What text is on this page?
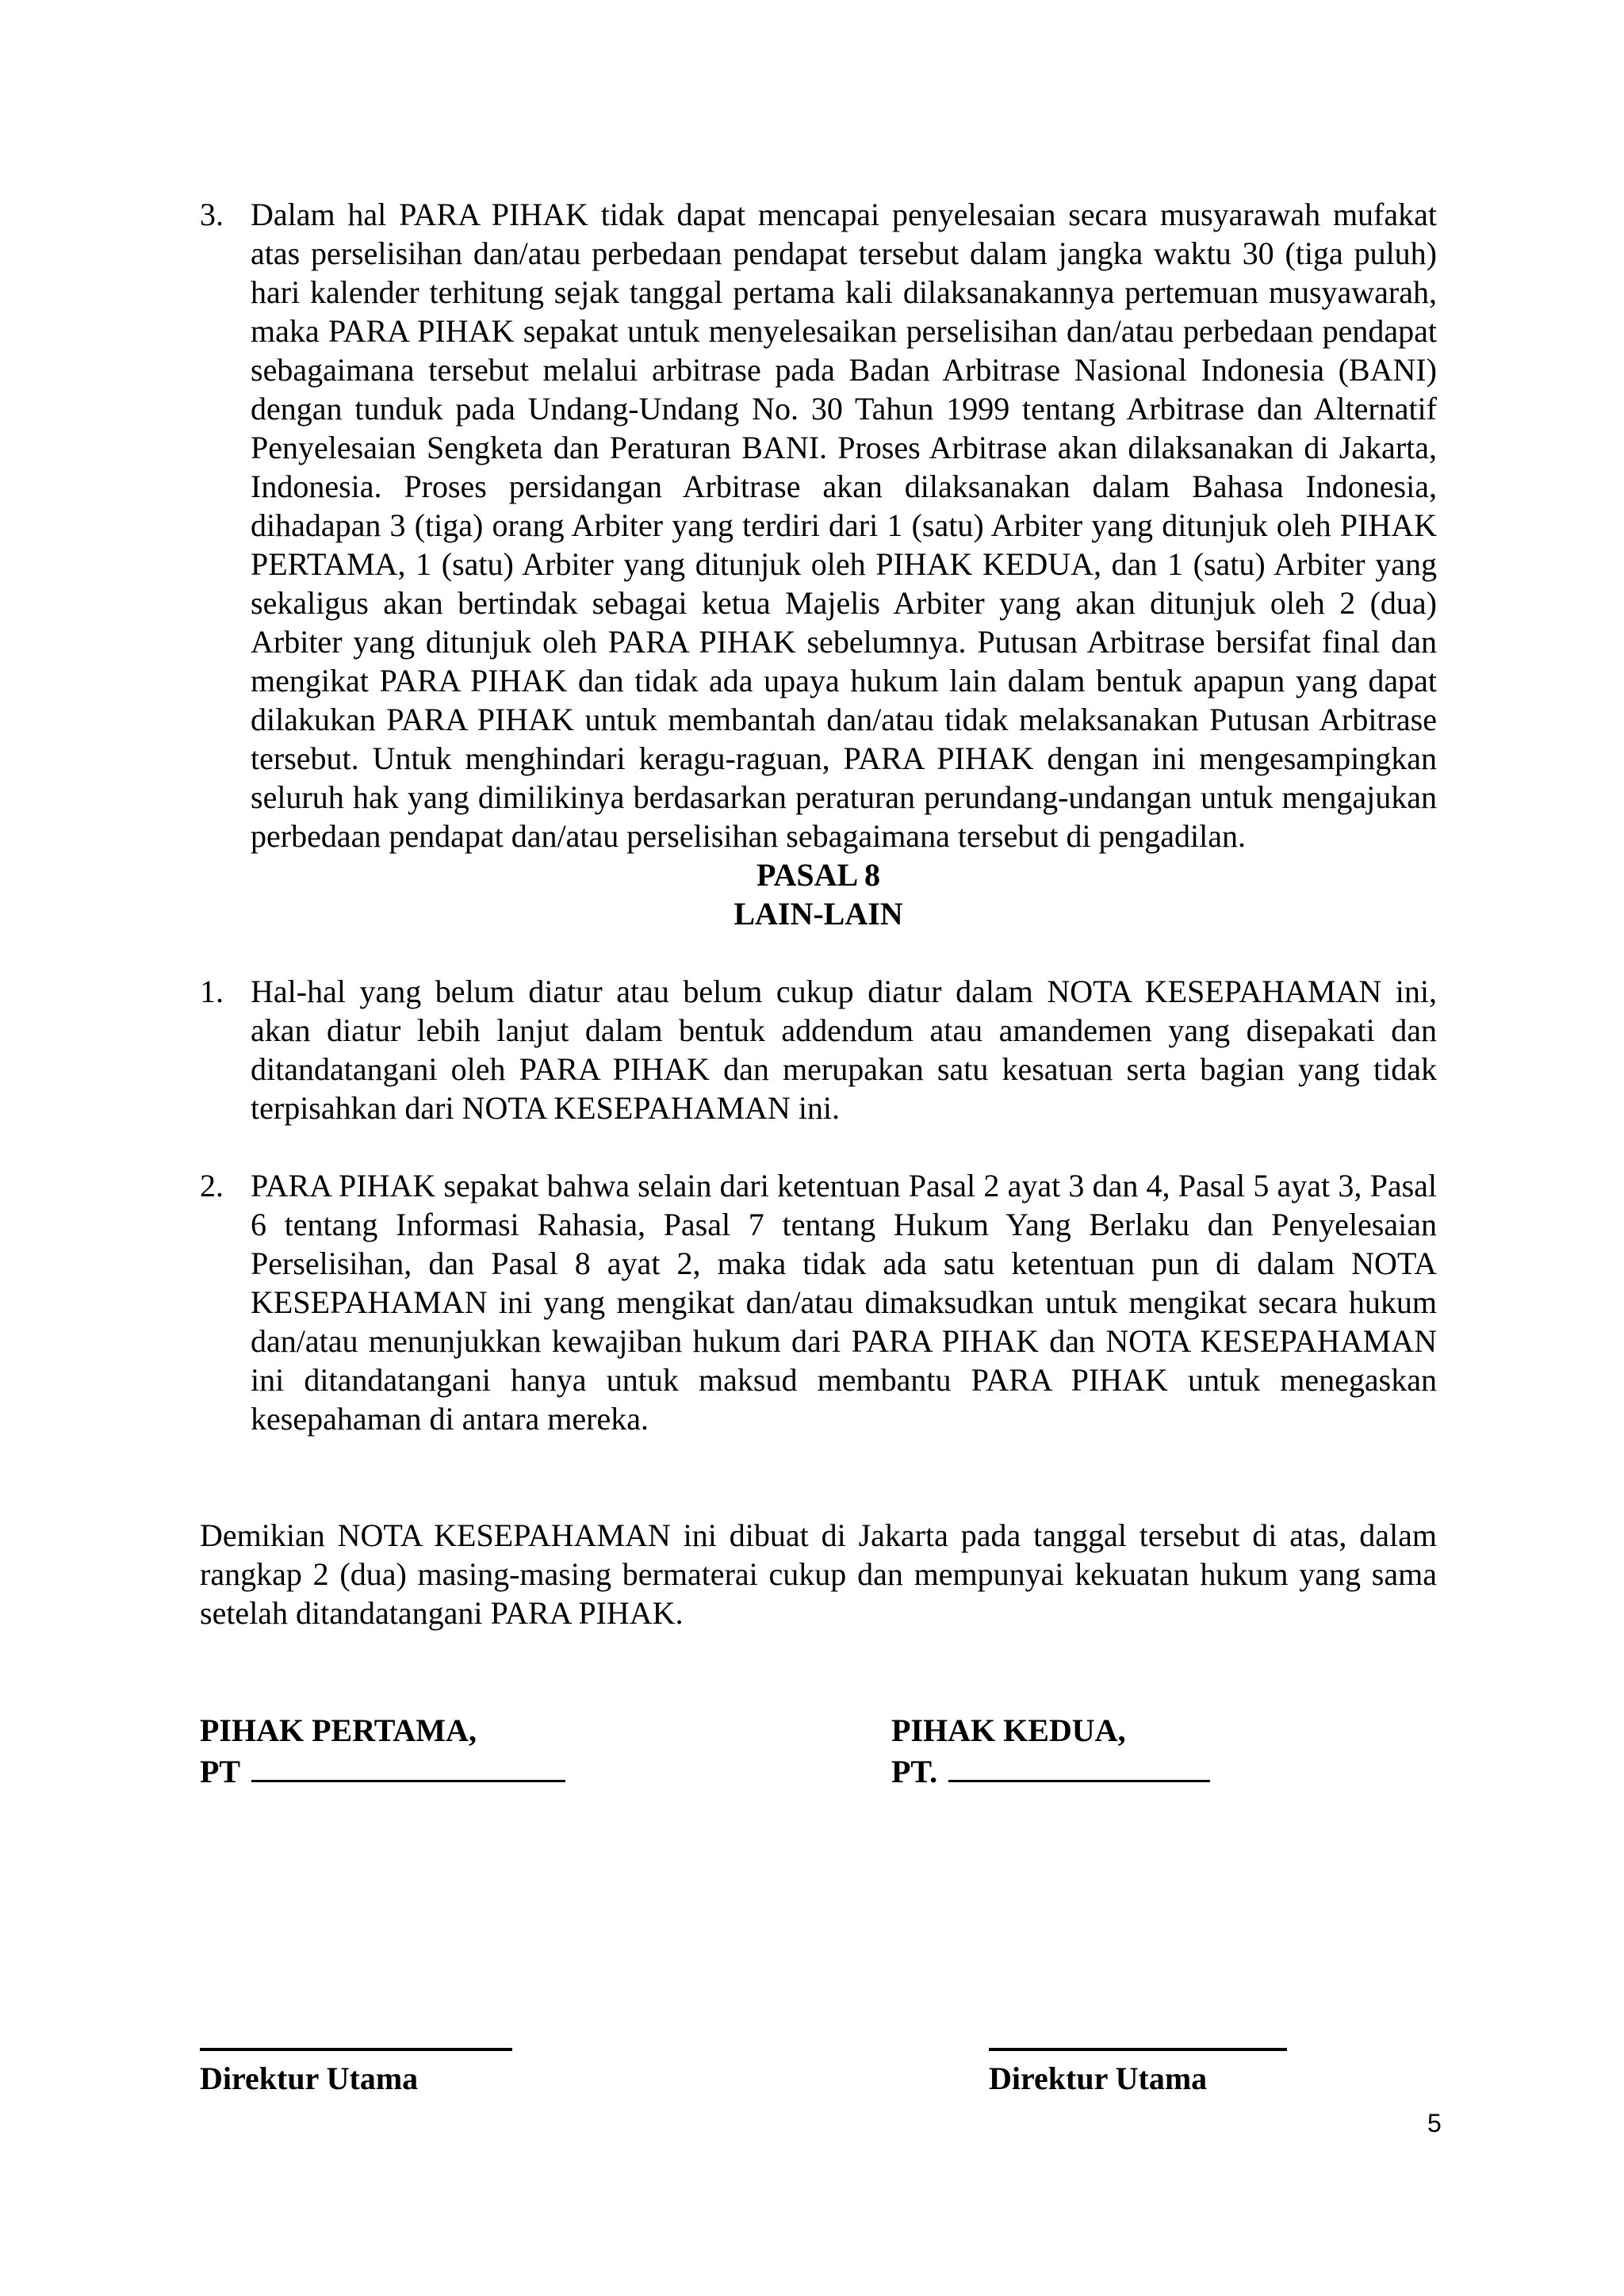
3. Dalam hal PARA PIHAK tidak dapat mencapai penyelesaian secara musyarawah mufakat atas perselisihan dan/atau perbedaan pendapat tersebut dalam jangka waktu 30 (tiga puluh) hari kalender terhitung sejak tanggal pertama kali dilaksanakannya pertemuan musyawarah, maka PARA PIHAK sepakat untuk menyelesaikan perselisihan dan/atau perbedaan pendapat sebagaimana tersebut melalui arbitrase pada Badan Arbitrase Nasional Indonesia (BANI) dengan tunduk pada Undang-Undang No. 30 Tahun 1999 tentang Arbitrase dan Alternatif Penyelesaian Sengketa dan Peraturan BANI. Proses Arbitrase akan dilaksanakan di Jakarta, Indonesia. Proses persidangan Arbitrase akan dilaksanakan dalam Bahasa Indonesia, dihadapan 3 (tiga) orang Arbiter yang terdiri dari 1 (satu) Arbiter yang ditunjuk oleh PIHAK PERTAMA, 1 (satu) Arbiter yang ditunjuk oleh PIHAK KEDUA, dan 1 (satu) Arbiter yang sekaligus akan bertindak sebagai ketua Majelis Arbiter yang akan ditunjuk oleh 2 (dua) Arbiter yang ditunjuk oleh PARA PIHAK sebelumnya. Putusan Arbitrase bersifat final dan mengikat PARA PIHAK dan tidak ada upaya hukum lain dalam bentuk apapun yang dapat dilakukan PARA PIHAK untuk membantah dan/atau tidak melaksanakan Putusan Arbitrase tersebut. Untuk menghindari keragu-raguan, PARA PIHAK dengan ini mengesampingkan seluruh hak yang dimilikinya berdasarkan peraturan perundang-undangan untuk mengajukan perbedaan pendapat dan/atau perselisihan sebagaimana tersebut di pengadilan.

PASAL 8

LAIN-LAIN

1. Hal-hal yang belum diatur atau belum cukup diatur dalam NOTA KESEPAHAMAN ini, akan diatur lebih lanjut dalam bentuk addendum atau amandemen yang disepakati dan ditandatangani oleh PARA PIHAK dan merupakan satu kesatuan serta bagian yang tidak terpisahkan dari NOTA KESEPAHAMAN ini.
2. PARA PIHAK sepakat bahwa selain dari ketentuan Pasal 2 ayat 3 dan 4, Pasal 5 ayat 3, Pasal 6 tentang Informasi Rahasia, Pasal 7 tentang Hukum Yang Berlaku dan Penyelesaian Perselisihan, dan Pasal 8 ayat 2, maka tidak ada satu ketentuan pun di dalam NOTA KESEPAHAMAN ini yang mengikat dan/atau dimaksudkan untuk mengikat secara hukum dan/atau menunjukkan kewajiban hukum dari PARA PIHAK dan NOTA KESEPAHAMAN ini ditandatangani hanya untuk maksud membantu PARA PIHAK untuk menegaskan kesepahaman di antara mereka.
Demikian NOTA KESEPAHAMAN ini dibuat di Jakarta pada tanggal tersebut di atas, dalam rangkap 2 (dua) masing-masing bermaterai cukup dan mempunyai kekuatan hukum yang sama setelah ditandatangani PARA PIHAK.
PIHAK PERTAMA,	PIHAK KEDUA,
PT	PT.
Direktur Utama	Direktur Utama
5
